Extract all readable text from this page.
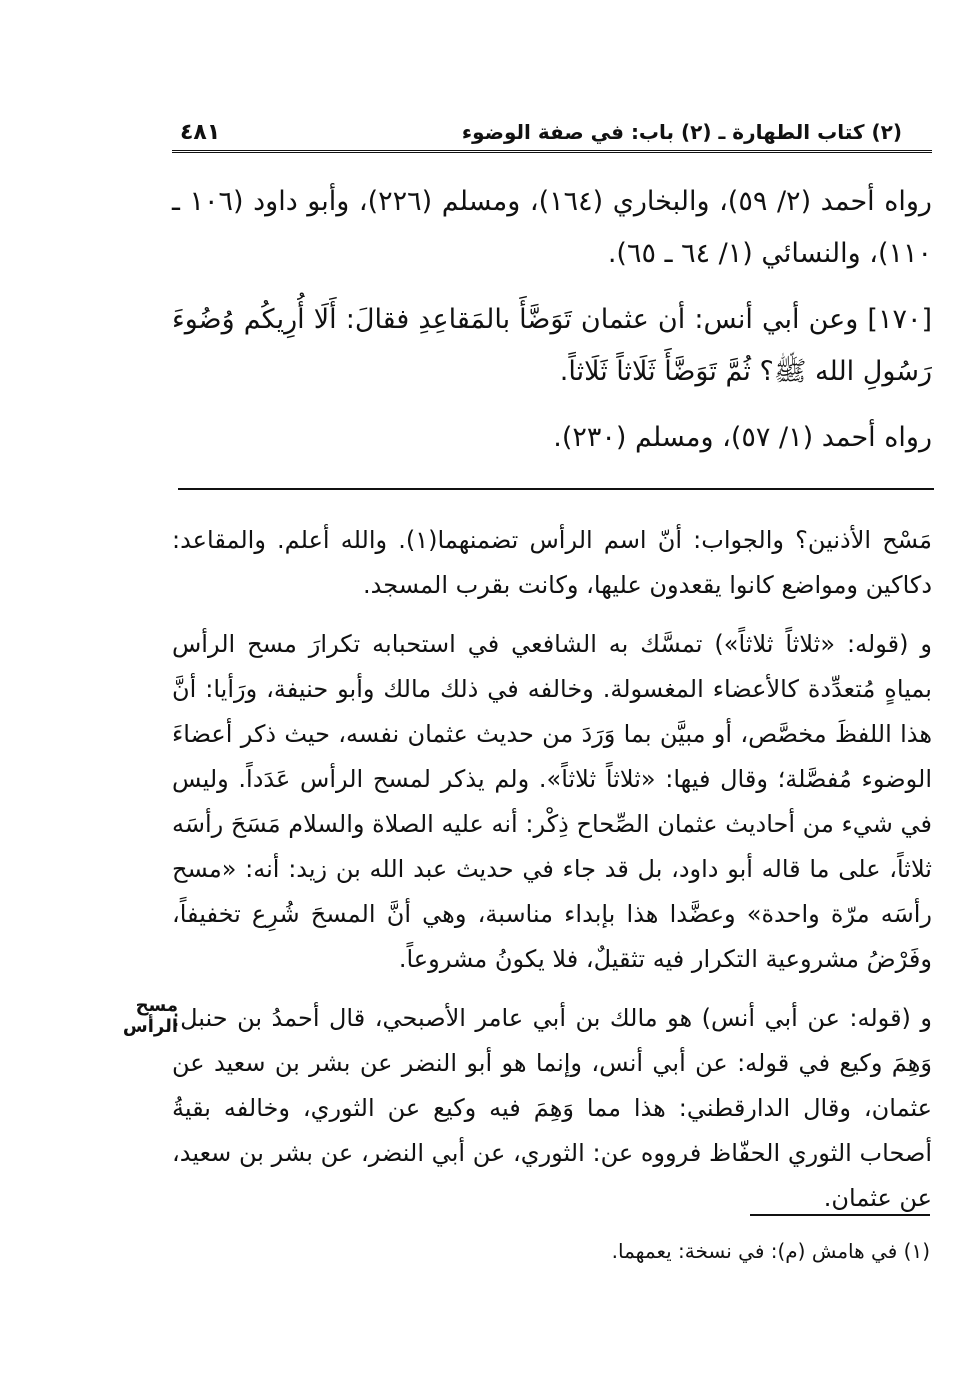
٤٨١	(٢) كتاب الطهارة ـ (٢) باب: في صفة الوضوء

رواه أحمد (٢/ ٥٩)، والبخاري (١٦٤)، ومسلم (٢٢٦)، وأبو داود (١٠٦ ـ ١١٠)، والنسائي (١/ ٦٤ ـ ٦٥).

[١٧٠] وعن أبي أنس: أن عثمان تَوَضَّأَ بالمَقاعِدِ فقالَ: أَلَا أُرِيكُم وُضُوءَ رَسُولِ الله ﷺ؟ ثُمَّ تَوَضَّأَ ثَلَاثاً ثَلَاثاً.

رواه أحمد (١/ ٥٧)، ومسلم (٢٣٠).

مَسْح الأذنين؟ والجواب: أنّ اسم الرأس تضمنهما(١). والله أعلم. والمقاعد: دكاكين ومواضع كانوا يقعدون عليها، وكانت بقرب المسجد.

و (قوله: «ثلاثاً ثلاثاً») تمسَّك به الشافعي في استحبابه تكرارَ مسح الرأس بمياهٍ مُتعدِّدة كالأعضاء المغسولة. وخالفه في ذلك مالك وأبو حنيفة، ورَأيا: أنَّ هذا اللفظَ مخصَّص، أو مبيَّن بما وَرَدَ من حديث عثمان نفسه، حيث ذكر أعضاءَ الوضوء مُفصَّلة؛ وقال فيها: «ثلاثاً ثلاثاً». ولم يذكر لمسح الرأس عَدَداً. وليس في شيء من أحاديث عثمان الصِّحاح ذِكْر: أنه عليه الصلاة والسلام مَسَحَ رأسَه ثلاثاً، على ما قاله أبو داود، بل قد جاء في حديث عبد الله بن زيد: أنه: «مسح رأسَه مرّة واحدة» وعضَّدا هذا بإبداء مناسبة، وهي أنَّ المسحَ شُرِع تخفيفاً، وفَرْضُ مشروعية التكرار فيه تثقيلٌ، فلا يكونُ مشروعاً.

و (قوله: عن أبي أنس) هو مالك بن أبي عامر الأصبحي، قال أحمدُ بن حنبل: وَهِمَ وكيع في قوله: عن أبي أنس، وإنما هو أبو النضر عن بشر بن سعيد عن عثمان، وقال الدارقطني: هذا مما وَهِمَ فيه وكيع عن الثوري، وخالفه بقيةُ أصحاب الثوري الحفّاظ فرووه عن: الثوري، عن أبي النضر، عن بشر بن سعيد، عن عثمان.

مسح الرأس
(١) في هامش (م): في نسخة: يعمهما.
